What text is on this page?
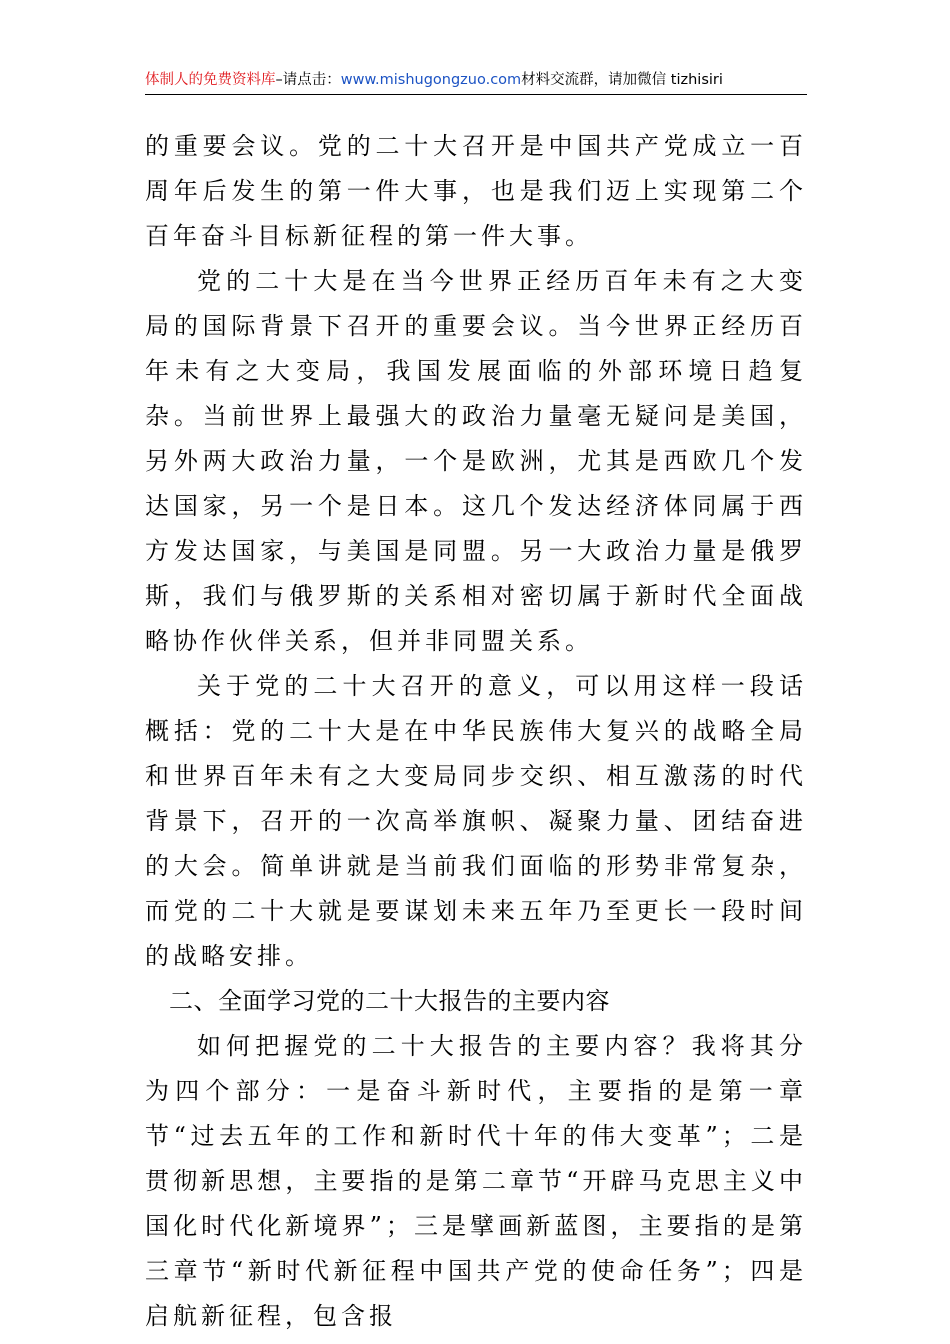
体制人的免费资料库–请点击：www.mishugongzuo.com材料交流群，请加微信 tizhisiri

的重要会议。党的二十大召开是中国共产党成立一百周年后发生的第一件大事，也是我们迈上实现第二个百年奋斗目标新征程的第一件大事。

党的二十大是在当今世界正经历百年未有之大变局的国际背景下召开的重要会议。当今世界正经历百年未有之大变局，我国发展面临的外部环境日趋复杂。当前世界上最强大的政治力量毫无疑问是美国，另外两大政治力量，一个是欧洲，尤其是西欧几个发达国家，另一个是日本。这几个发达经济体同属于西方发达国家，与美国是同盟。另一大政治力量是俄罗斯，我们与俄罗斯的关系相对密切属于新时代全面战略协作伙伴关系，但并非同盟关系。

关于党的二十大召开的意义，可以用这样一段话概括：党的二十大是在中华民族伟大复兴的战略全局和世界百年未有之大变局同步交织、相互激荡的时代背景下，召开的一次高举旗帜、凝聚力量、团结奋进的大会。简单讲就是当前我们面临的形势非常复杂，而党的二十大就是要谋划未来五年乃至更长一段时间的战略安排。

二、全面学习党的二十大报告的主要内容

如何把握党的二十大报告的主要内容？我将其分为四个部分：一是奋斗新时代，主要指的是第一章节“过去五年的工作和新时代十年的伟大变革”；二是贯彻新思想，主要指的是第二章节“开辟马克思主义中国化时代化新境界”；三是擘画新蓝图，主要指的是第三章节“新时代新征程中国共产党的使命任务”；四是启航新征程，包含报
